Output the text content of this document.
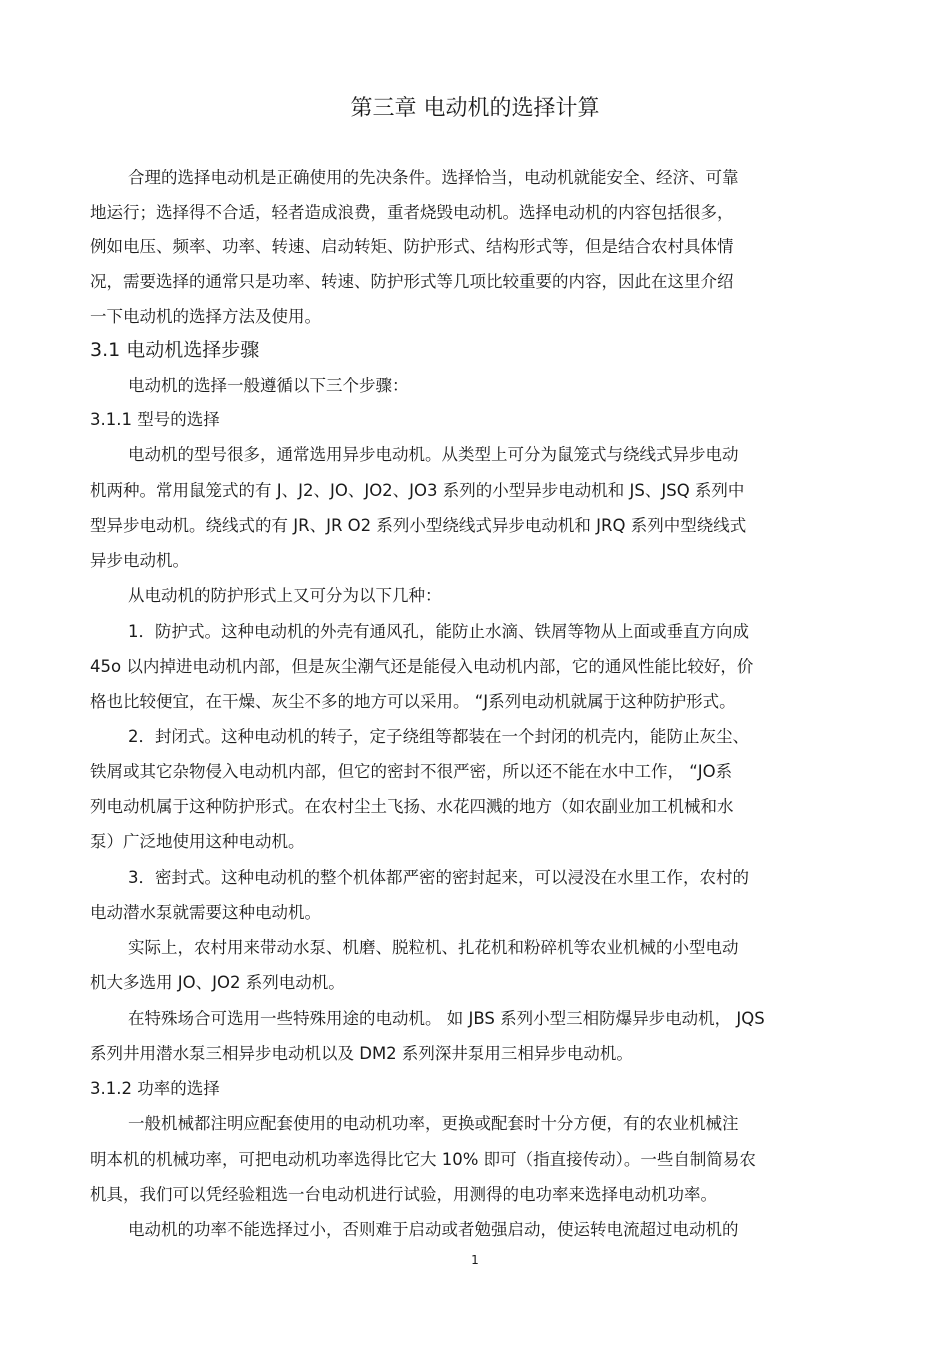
第三章 电动机的选择计算
合理的选择电动机是正确使用的先决条件。选择恰当，电动机就能安全、经济、可靠
地运行；选择得不合适，轻者造成浪费，重者烧毁电动机。选择电动机的内容包括很多，
例如电压、频率、功率、转速、启动转矩、防护形式、结构形式等，但是结合农村具体情
况，需要选择的通常只是功率、转速、防护形式等几项比较重要的内容，因此在这里介绍
一下电动机的选择方法及使用。
3.1 电动机选择步骤
电动机的选择一般遵循以下三个步骤：
3.1.1 型号的选择
电动机的型号很多，通常选用异步电动机。从类型上可分为鼠笼式与绕线式异步电动
机两种。常用鼠笼式的有 J、J2、JO、JO2、JO3 系列的小型异步电动机和 JS、JSQ 系列中
型异步电动机。绕线式的有 JR、JR O2 系列小型绕线式异步电动机和 JRQ 系列中型绕线式
异步电动机。
从电动机的防护形式上又可分为以下几种：
1．防护式。这种电动机的外壳有通风孔，能防止水滴、铁屑等物从上面或垂直方向成
45o 以内掉进电动机内部，但是灰尘潮气还是能侵入电动机内部，它的通风性能比较好，价
格也比较便宜，在干燥、灰尘不多的地方可以采用。 “J系列电动机就属于这种防护形式。
2．封闭式。这种电动机的转子，定子绕组等都装在一个封闭的机壳内，能防止灰尘、
铁屑或其它杂物侵入电动机内部，但它的密封不很严密，所以还不能在水中工作， “JO系
列电动机属于这种防护形式。在农村尘土飞扬、水花四溅的地方（如农副业加工机械和水
泵）广泛地使用这种电动机。
3．密封式。这种电动机的整个机体都严密的密封起来，可以浸没在水里工作，农村的
电动潜水泵就需要这种电动机。
实际上，农村用来带动水泵、机磨、脱粒机、扎花机和粉碎机等农业机械的小型电动
机大多选用 JO、JO2 系列电动机。
在特殊场合可选用一些特殊用途的电动机。 如 JBS 系列小型三相防爆异步电动机， JQS
系列井用潜水泵三相异步电动机以及 DM2 系列深井泵用三相异步电动机。
3.1.2 功率的选择
一般机械都注明应配套使用的电动机功率，更换或配套时十分方便，有的农业机械注
明本机的机械功率，可把电动机功率选得比它大 10% 即可（指直接传动）。一些自制简易农
机具，我们可以凭经验粗选一台电动机进行试验，用测得的电功率来选择电动机功率。
电动机的功率不能选择过小，否则难于启动或者勉强启动，使运转电流超过电动机的
1
